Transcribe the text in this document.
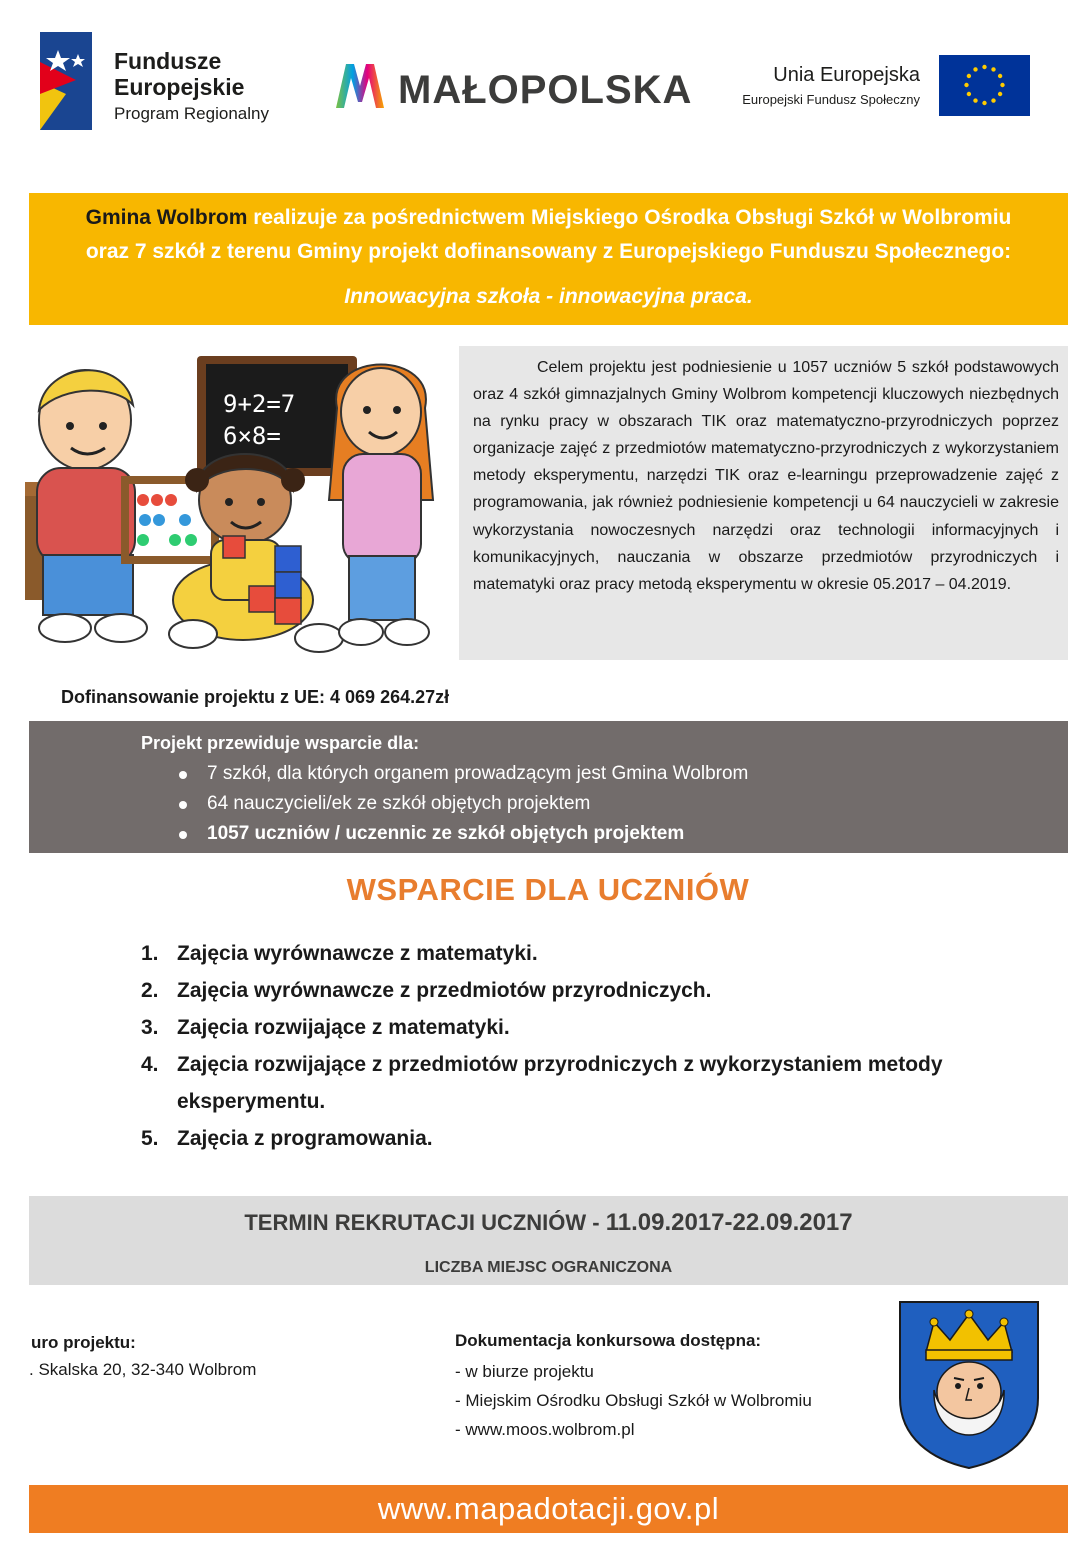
Fundusze
Europejskie
Program Regionalny
MAŁOPOLSKA	Unia Europejska
Europejski Fundusz Społeczny
Gmina Wolbrom realizuje za pośrednictwem Miejskiego Ośrodka Obsługi Szkół w Wolbromiu
oraz 7 szkół z terenu Gminy projekt dofinansowany z Europejskiego Funduszu Społecznego:
Innowacyjna szkoła - innowacyjna praca.
9+2=7
6×8=

Celem projektu jest podniesienie u 1057 uczniów 5 szkół podstawowych oraz 4 szkół gimnazjalnych Gminy Wolbrom kompetencji kluczowych niezbędnych na rynku pracy w obszarach TIK oraz matematyczno-przyrodniczych poprzez organizacje zajęć z przedmiotów matematyczno-przyrodniczych z wykorzystaniem metody eksperymentu, narzędzi TIK oraz e-learningu przeprowadzenie zajęć z programowania, jak również podniesienie kompetencji u 64 nauczycieli w zakresie wykorzystania nowoczesnych narzędzi oraz technologii informacyjnych i komunikacyjnych, nauczania w obszarze przedmiotów przyrodniczych i matematyki oraz pracy metodą eksperymentu w okresie 05.2017 – 04.2019.

Dofinansowanie projektu z UE: 4 069 264.27zł
Projekt przewiduje wsparcie dla:
7 szkół, dla których organem prowadzącym jest Gmina Wolbrom
64 nauczycieli/ek ze szkół objętych projektem
1057 uczniów / uczennic ze szkół objętych projektem
WSPARCIE DLA UCZNIÓW
1. Zajęcia wyrównawcze z matematyki.
2. Zajęcia wyrównawcze z przedmiotów przyrodniczych.
3. Zajęcia rozwijające z matematyki.
4. Zajęcia rozwijające z przedmiotów przyrodniczych z wykorzystaniem metody eksperymentu.
5. Zajęcia z programowania.
TERMIN REKRUTACJI UCZNIÓW - 11.09.2017-22.09.2017
LICZBA MIEJSC OGRANICZONA
uro projektu:
. Skalska 20, 32-340 Wolbrom
Dokumentacja konkursowa dostępna:
- w biurze projektu
- Miejskim Ośrodku Obsługi Szkół w Wolbromiu
- www.moos.wolbrom.pl
www.mapadotacji.gov.pl
